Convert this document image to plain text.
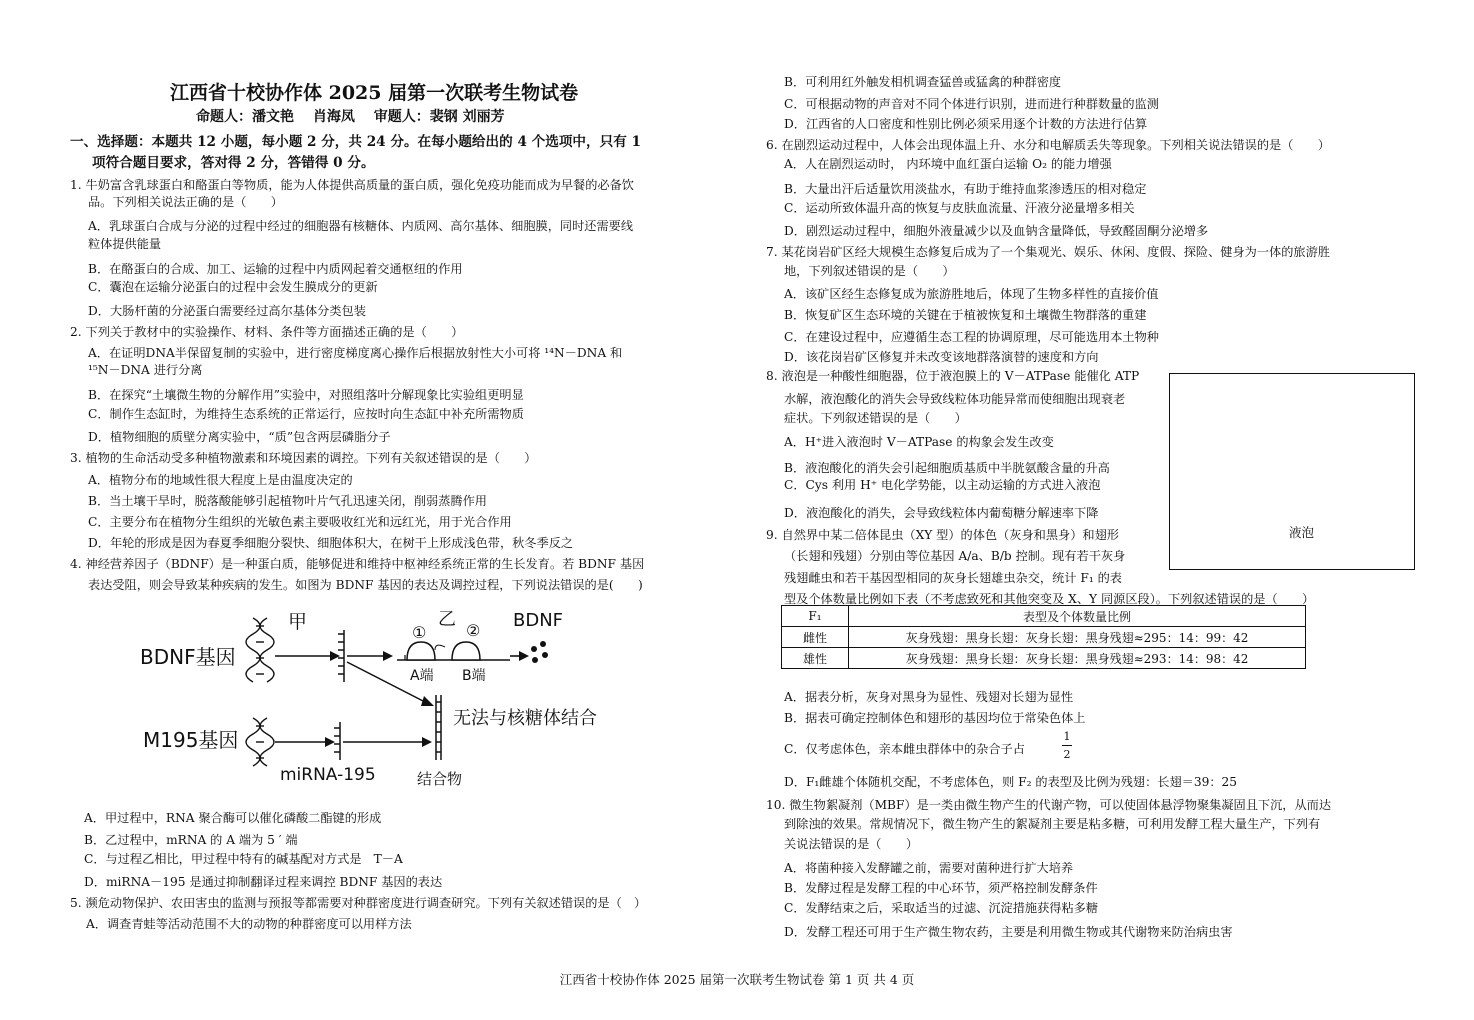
江西省十校协作体 2025 届第一次联考生物试卷
命题人：潘文艳　 肖海凤　 审题人：裴钢 刘丽芳
一、选择题：本题共 12 小题，每小题 2 分，共 24 分。在每小题给出的 4 个选项中，只有 1
项符合题目要求，答对得 2 分，答错得 0 分。
1. 牛奶富含乳球蛋白和酪蛋白等物质，能为人体提供高质量的蛋白质，强化免疫功能而成为早餐的必备饮
品。下列相关说法正确的是（　　）
A．乳球蛋白合成与分泌的过程中经过的细胞器有核糖体、内质网、高尔基体、细胞膜，同时还需要线
粒体提供能量
B．在酪蛋白的合成、加工、运输的过程中内质网起着交通枢纽的作用
C．囊泡在运输分泌蛋白的过程中会发生膜成分的更新
D．大肠杆菌的分泌蛋白需要经过高尔基体分类包装
2. 下列关于教材中的实验操作、材料、条件等方面描述正确的是（　　）
A．在证明DNA半保留复制的实验中，进行密度梯度离心操作后根据放射性大小可将 ¹⁴N－DNA 和
¹⁵N－DNA 进行分离
B．在探究“土壤微生物的分解作用”实验中，对照组落叶分解现象比实验组更明显
C．制作生态缸时，为维持生态系统的正常运行，应按时向生态缸中补充所需物质
D．植物细胞的质壁分离实验中，“质”包含两层磷脂分子
3. 植物的生命活动受多种植物激素和环境因素的调控。下列有关叙述错误的是（　　）
A．植物分布的地域性很大程度上是由温度决定的
B．当土壤干旱时，脱落酸能够引起植物叶片气孔迅速关闭，削弱蒸腾作用
C．主要分布在植物分生组织的光敏色素主要吸收红光和远红光，用于光合作用
D．年轮的形成是因为春夏季细胞分裂快、细胞体积大，在树干上形成浅色带，秋冬季反之
4. 神经营养因子（BDNF）是一种蛋白质，能够促进和维持中枢神经系统正常的生长发育。若 BDNF 基因
表达受阻，则会导致某种疾病的发生。如图为 BDNF 基因的表达及调控过程，下列说法错误的是(　　)
BDNF基因
甲	乙
① ②
A端 B端
BDNF
无法与核糖体结合
结合物
M195基因
miRNA-195
A．甲过程中，RNA 聚合酶可以催化磷酸二酯键的形成
B．乙过程中，mRNA 的 A 端为 5 ′ 端
C．与过程乙相比，甲过程中特有的碱基配对方式是　T－A
D．miRNA－195 是通过抑制翻译过程来调控 BDNF 基因的表达
5. 濒危动物保护、农田害虫的监测与预报等都需要对种群密度进行调查研究。下列有关叙述错误的是（　）
A．调查青蛙等活动范围不大的动物的种群密度可以用样方法
B．可利用红外触发相机调查猛兽或猛禽的种群密度
C．可根据动物的声音对不同个体进行识别，进而进行种群数量的监测
D．江西省的人口密度和性别比例必须采用逐个计数的方法进行估算
6. 在剧烈运动过程中，人体会出现体温上升、水分和电解质丢失等现象。下列相关说法错误的是（　　）
A．人在剧烈运动时， 内环境中血红蛋白运输 O₂ 的能力增强
B．大量出汗后适量饮用淡盐水，有助于维持血浆渗透压的相对稳定
C．运动所致体温升高的恢复与皮肤血流量、汗液分泌量增多相关
D．剧烈运动过程中，细胞外液量减少以及血钠含量降低，导致醛固酮分泌增多
7. 某花岗岩矿区经大规模生态修复后成为了一个集观光、娱乐、休闲、度假、探险、健身为一体的旅游胜
地，下列叙述错误的是（　　）
A．该矿区经生态修复成为旅游胜地后，体现了生物多样性的直接价值
B．恢复矿区生态环境的关键在于植被恢复和土壤微生物群落的重建
C．在建设过程中，应遵循生态工程的协调原理，尽可能选用本土物种
D．该花岗岩矿区修复并未改变该地群落演替的速度和方向
8. 液泡是一种酸性细胞器，位于液泡膜上的 V－ATPase 能催化 ATP
水解，液泡酸化的消失会导致线粒体功能异常而使细胞出现衰老
症状。下列叙述错误的是（　　）
A．H⁺进入液泡时 V－ATPase 的构象会发生改变
B．液泡酸化的消失会引起细胞质基质中半胱氨酸含量的升高
C．Cys 利用 H⁺ 电化学势能，以主动运输的方式进入液泡
D．液泡酸化的消失，会导致线粒体内葡萄糖分解速率下降
9. 自然界中某二倍体昆虫（XY 型）的体色（灰身和黑身）和翅形
（长翅和残翅）分别由等位基因 A/a、B/b 控制。现有若干灰身
残翅雌虫和若干基因型相同的灰身长翅雄虫杂交，统计 F₁ 的表
型及个体数量比例如下表（不考虑致死和其他突变及 X、Y 同源区段）。下列叙述错误的是（　　）
液泡
F₁	表型及个体数量比例
雌性	灰身残翅：黑身长翅：灰身长翅：黑身残翅≈295：14：99：42
雄性	灰身残翅：黑身长翅：灰身长翅：黑身残翅≈293：14：98：42
A．据表分析，灰身对黑身为显性、残翅对长翅为显性
B．据表可确定控制体色和翅形的基因均位于常染色体上
C．仅考虑体色，亲本雌虫群体中的杂合子占
1
2
D．F₁雌雄个体随机交配，不考虑体色，则 F₂ 的表型及比例为残翅：长翅＝39：25
10. 微生物絮凝剂（MBF）是一类由微生物产生的代谢产物，可以使固体悬浮物聚集凝固且下沉，从而达
到除浊的效果。常规情况下，微生物产生的絮凝剂主要是粘多糖，可利用发酵工程大量生产，下列有
关说法错误的是（　　）
A．将菌种接入发酵罐之前，需要对菌种进行扩大培养
B．发酵过程是发酵工程的中心环节，须严格控制发酵条件
C．发酵结束之后，采取适当的过滤、沉淀措施获得粘多糖
D．发酵工程还可用于生产微生物农药，主要是利用微生物或其代谢物来防治病虫害
江西省十校协作体 2025 届第一次联考生物试卷 第 1 页 共 4 页
